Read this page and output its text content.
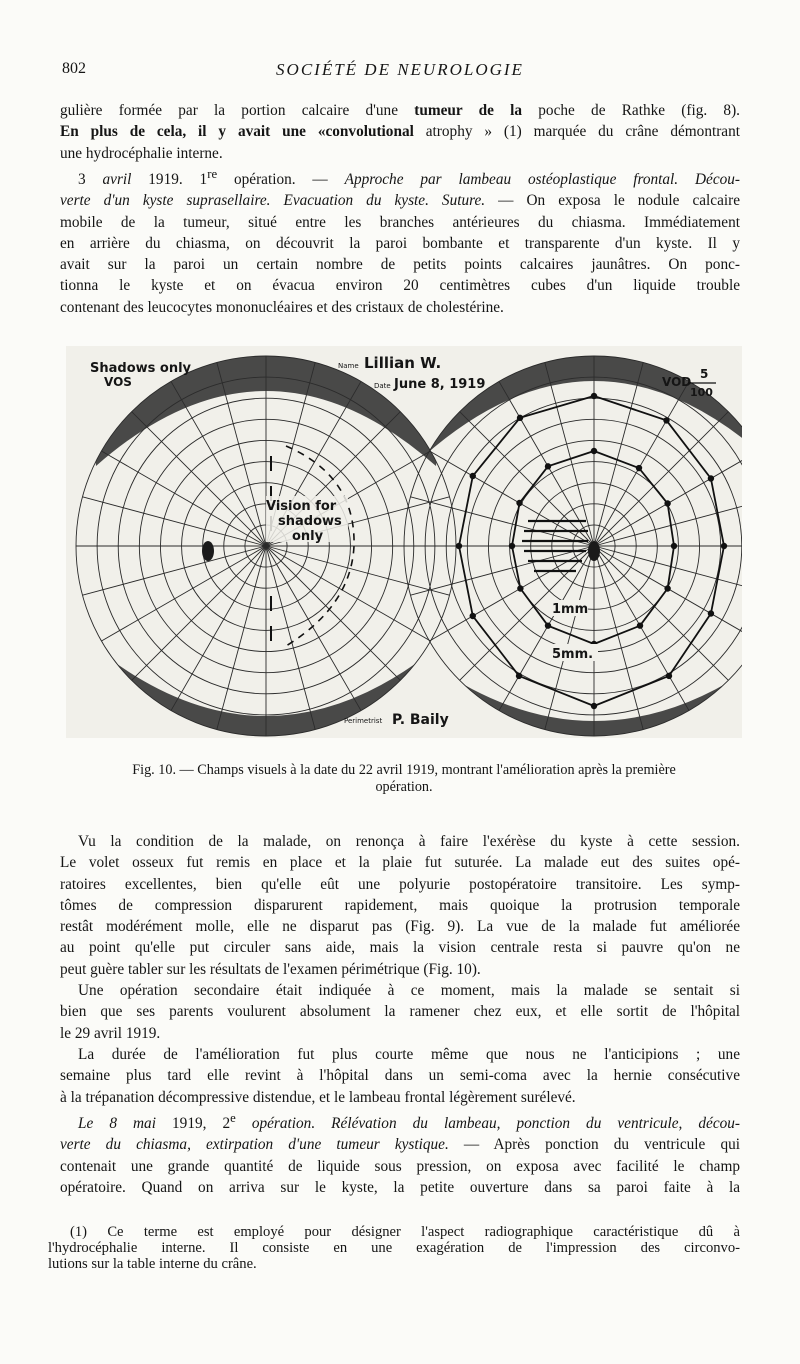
802	SOCIÉTÉ DE NEUROLOGIE
gulière formée par la portion calcaire d'une tumeur de la poche de Rathke (fig. 8).
En plus de cela, il y avait une «convolutional atrophy » (1) marquée du crâne démontrant
une hydrocéphalie interne.
3 avril 1919. 1re opération. — Approche par lambeau ostéoplastique frontal. Décou-
verte d'un kyste suprasellaire. Evacuation du kyste. Suture. — On exposa le nodule calcaire
mobile de la tumeur, situé entre les branches antérieures du chiasma. Immédiatement
en arrière du chiasma, on découvrit la paroi bombante et transparente d'un kyste. Il y
avait sur la paroi un certain nombre de petits points calcaires jaunâtres. On ponc-
tionna le kyste et on évacua environ 20 centimètres cubes d'un liquide trouble
contenant des leucocytes mononucléaires et des cristaux de cholestérine.
Shadows only
VOS
Name Lillian W.
Date June 8, 1919	VOD
5
100
Vision for
shadows
only
1mm
5mm.
Perimetrist P. Baily
Fig. 10. — Champs visuels à la date du 22 avril 1919, montrant l'amélioration après la première
opération.
Vu la condition de la malade, on renonça à faire l'exérèse du kyste à cette session.
Le volet osseux fut remis en place et la plaie fut suturée. La malade eut des suites opé-
ratoires excellentes, bien qu'elle eût une polyurie postopératoire transitoire. Les symp-
tômes de compression disparurent rapidement, mais quoique la protrusion temporale
restât modérément molle, elle ne disparut pas (Fig. 9). La vue de la malade fut améliorée
au point qu'elle put circuler sans aide, mais la vision centrale resta si pauvre qu'on ne
peut guère tabler sur les résultats de l'examen périmétrique (Fig. 10).
Une opération secondaire était indiquée à ce moment, mais la malade se sentait si
bien que ses parents voulurent absolument la ramener chez eux, et elle sortit de l'hôpital
le 29 avril 1919.
La durée de l'amélioration fut plus courte même que nous ne l'anticipions ; une
semaine plus tard elle revint à l'hôpital dans un semi-coma avec la hernie consécutive
à la trépanation décompressive distendue, et le lambeau frontal légèrement surélevé.
Le 8 mai 1919, 2e opération. Rélévation du lambeau, ponction du ventricule, décou-
verte du chiasma, extirpation d'une tumeur kystique. — Après ponction du ventricule qui
contenait une grande quantité de liquide sous pression, on exposa avec facilité le champ
opératoire. Quand on arriva sur le kyste, la petite ouverture dans sa paroi faite à la
(1) Ce terme est employé pour désigner l'aspect radiographique caractéristique dû à
l'hydrocéphalie interne. Il consiste en une exagération de l'impression des circonvo-
lutions sur la table interne du crâne.
